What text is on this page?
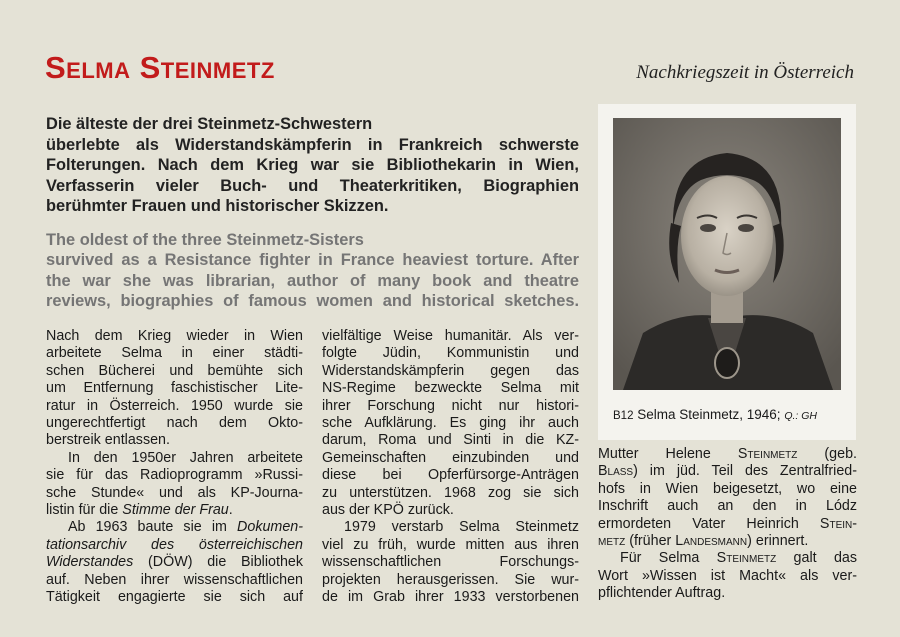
Selma Steinmetz	Nachkriegszeit in Österreich

Die älteste der drei Steinmetz-Schwestern
überlebte als Widerstandskämpferin in Frankreich schwerste
Folterungen. Nach dem Krieg war sie Bibliothekarin in Wien,
Verfasserin vieler Buch- und Theaterkritiken, Biographien
berühmter Frauen und historischer Skizzen.

The oldest of the three Steinmetz-Sisters
survived as a Resistance fighter in France heaviest torture. After
the war she was librarian, author of many book and theatre
reviews, biographies of famous women and historical sketches.

B12 Selma Steinmetz, 1946; Q.: GH
Nach dem Krieg wieder in Wien
arbeitete Selma in einer städti-
schen Bücherei und bemühte sich
um Entfernung faschistischer Lite-
ratur in Österreich. 1950 wurde sie
ungerechtfertigt nach dem Okto-
berstreik entlassen.
In den 1950er Jahren arbeitete
sie für das Radioprogramm »Russi-
sche Stunde« und als KP-Journa-
listin für die Stimme der Frau.
Ab 1963 baute sie im Dokumen-
tationsarchiv des österreichischen
Widerstandes (DÖW) die Bibliothek
auf. Neben ihrer wissenschaftlichen
Tätigkeit engagierte sie sich auf
vielfältige Weise humanitär. Als ver-
folgte Jüdin, Kommunistin und
Widerstandskämpferin gegen das
NS-Regime bezweckte Selma mit
ihrer Forschung nicht nur histori-
sche Aufklärung. Es ging ihr auch
darum, Roma und Sinti in die KZ-
Gemeinschaften einzubinden und
diese bei Opferfürsorge-Anträgen
zu unterstützen. 1968 zog sie sich
aus der KPÖ zurück.
1979 verstarb Selma Steinmetz
viel zu früh, wurde mitten aus ihren
wissenschaftlichen Forschungs-
projekten herausgerissen. Sie wur-
de im Grab ihrer 1933 verstorbenen
Mutter Helene Steinmetz (geb.
Blass) im jüd. Teil des Zentralfried-
hofs in Wien beigesetzt, wo eine
Inschrift auch an den in Lódz
ermordeten Vater Heinrich Stein-
metz (früher Landesmann) erinnert.
Für Selma Steinmetz galt das
Wort »Wissen ist Macht« als ver-
pflichtender Auftrag.
